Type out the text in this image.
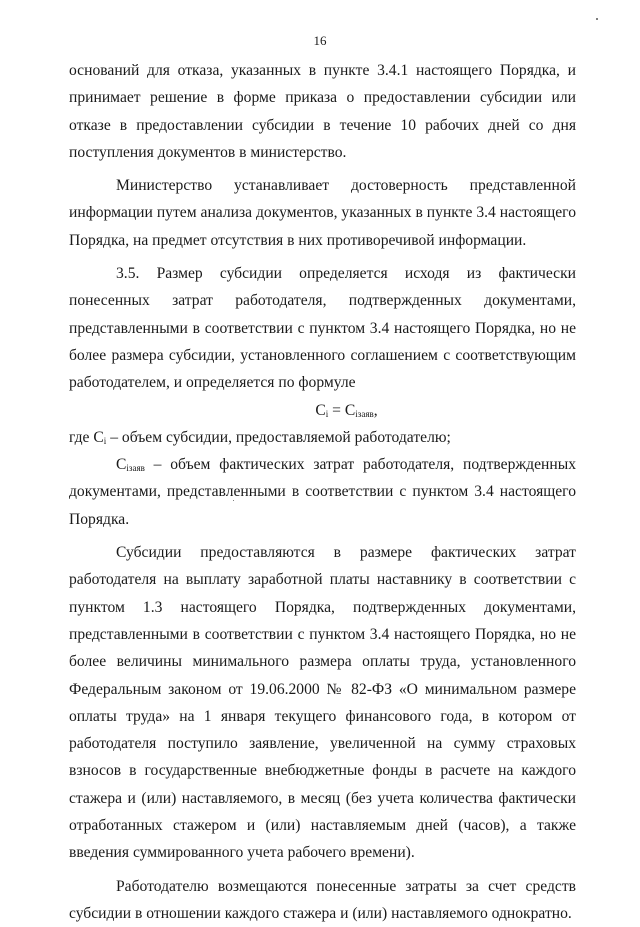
16

оснований для отказа, указанных в пункте 3.4.1 настоящего Порядка, и принимает решение в форме приказа о предоставлении субсидии или отказе в предоставлении субсидии в течение 10 рабочих дней со дня поступления документов в министерство.

Министерство устанавливает достоверность представленной информации путем анализа документов, указанных в пункте 3.4 настоящего Порядка, на предмет отсутствия в них противоречивой информации.

3.5. Размер субсидии определяется исходя из фактически понесенных затрат работодателя, подтвержденных документами, представленными в соответствии с пунктом 3.4 настоящего Порядка, но не более размера субсидии, установленного соглашением с соответствующим работодателем, и определяется по формуле

$С_i = С_{iзаяв}$,

где $С_i$ – объем субсидии, предоставляемой работодателю;

$С_{iзаяв}$ – объем фактических затрат работодателя, подтвержденных документами, представленными в соответствии с пунктом 3.4 настоящего Порядка.

Субсидии предоставляются в размере фактических затрат работодателя на выплату заработной платы наставнику в соответствии с пунктом 1.3 настоящего Порядка, подтвержденных документами, представленными в соответствии с пунктом 3.4 настоящего Порядка, но не более величины минимального размера оплаты труда, установленного Федеральным законом от 19.06.2000 № 82-ФЗ «О минимальном размере оплаты труда» на 1 января текущего финансового года, в котором от работодателя поступило заявление, увеличенной на сумму страховых взносов в государственные внебюджетные фонды в расчете на каждого стажера и (или) наставляемого, в месяц (без учета количества фактически отработанных стажером и (или) наставляемым дней (часов), а также введения суммированного учета рабочего времени).

Работодателю возмещаются понесенные затраты за счет средств субсидии в отношении каждого стажера и (или) наставляемого однократно.
